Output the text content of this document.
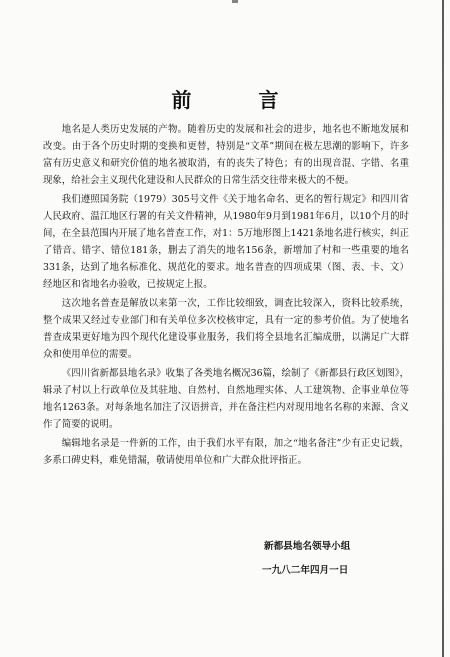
前 言

地名是人类历史发展的产物。随着历史的发展和社会的进步，地名也不断地发展和改变。由于各个历史时期的变换和更替，特别是“文革”期间在极左思潮的影响下，许多富有历史意义和研究价值的地名被取消，有的丧失了特色；有的出现音混、字错、名重现象，给社会主义现代化建设和人民群众的日常生活交往带来极大的不便。

我们遵照国务院（1979）305号文件《关于地名命名、更名的暂行规定》和四川省人民政府、温江地区行署的有关文件精神，从1980年9月到1981年6月，以10个月的时间，在全县范围内开展了地名普查工作，对1：5万地形图上1421条地名进行核实，纠正了错音、错字、错位181条，删去了消失的地名156条，新增加了村和一些重要的地名331条，达到了地名标准化、规范化的要求。地名普查的四项成果（图、表、卡、文）经地区和省地名办验收，已按规定上报。

这次地名普查是解放以来第一次，工作比较细致，调查比较深入，资料比较系统，整个成果又经过专业部门和有关单位多次校核审定，具有一定的参考价值。为了使地名普查成果更好地为四个现代化建设事业服务，我们将全县地名汇编成册，以满足广大群众和使用单位的需要。

《四川省新都县地名录》收集了各类地名概况36篇，绘制了《新都县行政区划图》，辑录了村以上行政单位及其驻地、自然村、自然地理实体、人工建筑物、企事业单位等地名1263条。对每条地名加注了汉语拼音，并在备注栏内对现用地名名称的来源、含义作了简要的说明。

编辑地名录是一件新的工作，由于我们水平有限，加之“地名备注”少有正史记载，多系口碑史料，难免错漏，敬请使用单位和广大群众批评指正。

新都县地名领导小组
一九八二年四月一日
